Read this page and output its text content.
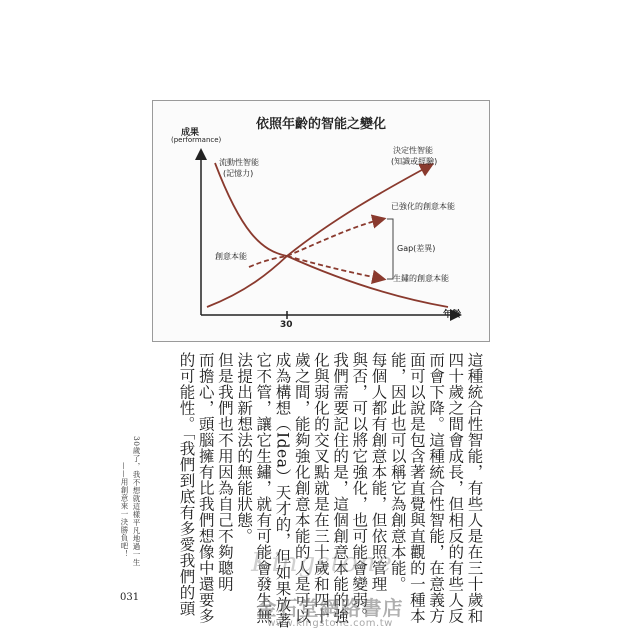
依照年齡的智能之變化
成果
(performance)
年齡
30
流動性智能
(記憶力)
決定性智能
(知識或經驗)
已強化的創意本能
創意本能
Gap(差異)
生鏽的創意本能
這種統合性智能，有些人是在三十歲和
四十歲之間會成長，但相反的有些人反
而會下降。這種統合性智能，在意義方
面可以說是包含著直覺與直觀的一種本
能，因此也可以稱它為創意本能。
每個人都有創意本能，但依照管理
與否，可以將它強化，也可能會變弱。
我們需要記住的是，這個創意本能的強
化與弱化的交叉點就是在三十歲和四十
歲之間，能夠強化創意本能的人是可以
成為構想（Idea）天才的，但如果放著
它不管，讓它生鏽，就有可能會發生無
法提出新想法的無能狀態。
但是我們也不用因為自己不夠聰明
而擔心，頭腦擁有比我們想像中還要多
的可能性。「我們到底有多愛我們的頭
30歲了，我不想就這樣平凡地過一生
——用創意來一決勝負吧！
031
Kingstone
金石堂網路書店
www.kingstone.com.tw
